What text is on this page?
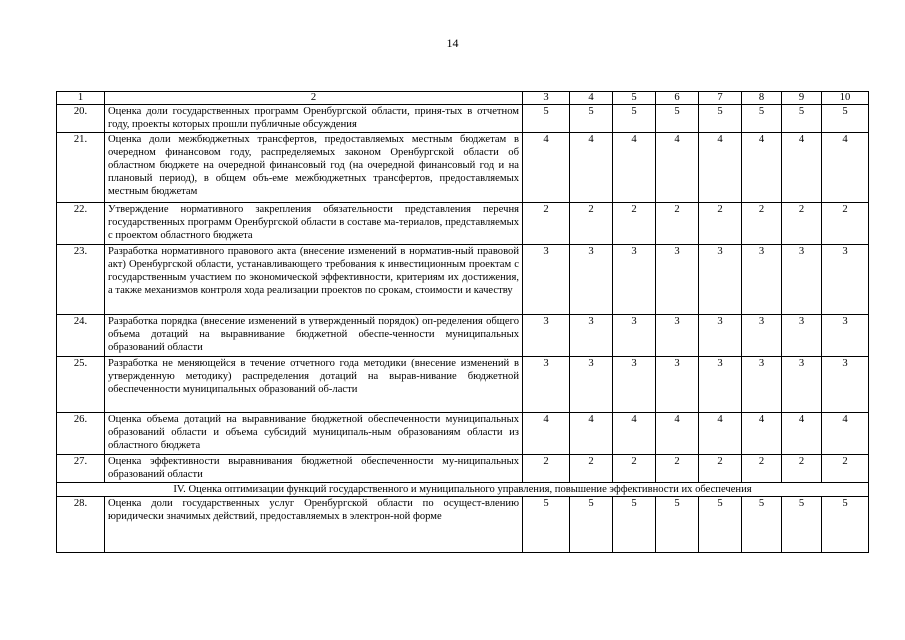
14
1	2	3	4	5	6	7	8	9	10
20.	Оценка доли государственных программ Оренбургской области, приня-тых в отчетном году, проекты которых прошли публичные обсуждения	5	5	5	5	5	5	5	5
21.	Оценка доли межбюджетных трансфертов, предоставляемых местным бюджетам в очередном финансовом году, распределяемых законом Оренбургской области об областном бюджете на очередной финансовый год (на очередной финансовый год и на плановый период), в общем объ-еме межбюджетных трансфертов, предоставляемых местным бюджетам	4	4	4	4	4	4	4	4
22.	Утверждение нормативного закрепления обязательности представления перечня государственных программ Оренбургской области в составе ма-териалов, представляемых с проектом областного бюджета	2	2	2	2	2	2	2	2
23.	Разработка нормативного правового акта (внесение изменений в норматив-ный правовой акт) Оренбургской области, устанавливающего требования к инвестиционным проектам с государственным участием по экономической эффективности, критериям их достижения, а также механизмов контроля хода реализации проектов по срокам, стоимости и качеству	3	3	3	3	3	3	3	3
24.	Разработка порядка (внесение изменений в утвержденный порядок) оп-ределения общего объема дотаций на выравнивание бюджетной обеспе-ченности муниципальных образований области	3	3	3	3	3	3	3	3
25.	Разработка не меняющейся в течение отчетного года методики (внесение изменений в утвержденную методику) распределения дотаций на вырав-нивание бюджетной обеспеченности муниципальных образований об-ласти	3	3	3	3	3	3	3	3
26.	Оценка объема дотаций на выравнивание бюджетной обеспеченности муниципальных образований области и объема субсидий муниципаль-ным образованиям области из областного бюджета	4	4	4	4	4	4	4	4
27.	Оценка эффективности выравнивания бюджетной обеспеченности му-ниципальных образований области	2	2	2	2	2	2	2	2
IV. Оценка оптимизации функций государственного и муниципального управления, повышение эффективности их обеспечения									
28.	Оценка доли государственных услуг Оренбургской области по осущест-влению юридически значимых действий, предоставляемых в электрон-ной форме	5	5	5	5	5	5	5	5
